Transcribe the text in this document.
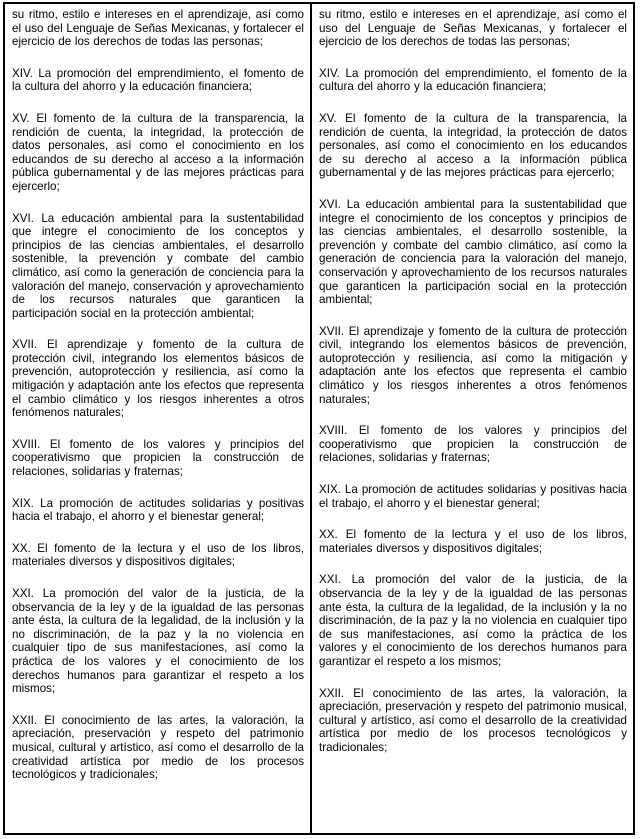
su ritmo, estilo e intereses en el aprendizaje, así como el uso del Lenguaje de Señas Mexicanas, y fortalecer el ejercicio de los derechos de todas las personas;

XIV. La promoción del emprendimiento, el fomento de la cultura del ahorro y la educación financiera;

XV. El fomento de la cultura de la transparencia, la rendición de cuenta, la integridad, la protección de datos personales, así como el conocimiento en los educandos de su derecho al acceso a la información pública gubernamental y de las mejores prácticas para ejercerlo;

XVI. La educación ambiental para la sustentabilidad que integre el conocimiento de los conceptos y principios de las ciencias ambientales, el desarrollo sostenible, la prevención y combate del cambio climático, así como la generación de conciencia para la valoración del manejo, conservación y aprovechamiento de los recursos naturales que garanticen la participación social en la protección ambiental;

XVII. El aprendizaje y fomento de la cultura de protección civil, integrando los elementos básicos de prevención, autoprotección y resiliencia, así como la mitigación y adaptación ante los efectos que representa el cambio climático y los riesgos inherentes a otros fenómenos naturales;

XVIII. El fomento de los valores y principios del cooperativismo que propicien la construcción de relaciones, solidarias y fraternas;

XIX. La promoción de actitudes solidarias y positivas hacia el trabajo, el ahorro y el bienestar general;

XX. El fomento de la lectura y el uso de los libros, materiales diversos y dispositivos digitales;

XXI. La promoción del valor de la justicia, de la observancia de la ley y de la igualdad de las personas ante ésta, la cultura de la legalidad, de la inclusión y la no discriminación, de la paz y la no violencia en cualquier tipo de sus manifestaciones, así como la práctica de los valores y el conocimiento de los derechos humanos para garantizar el respeto a los mismos;

XXII. El conocimiento de las artes, la valoración, la apreciación, preservación y respeto del patrimonio musical, cultural y artístico, así como el desarrollo de la creatividad artística por medio de los procesos tecnológicos y tradicionales;

su ritmo, estilo e intereses en el aprendizaje, así como el uso del Lenguaje de Señas Mexicanas, y fortalecer el ejercicio de los derechos de todas las personas;

XIV. La promoción del emprendimiento, el fomento de la cultura del ahorro y la educación financiera;

XV. El fomento de la cultura de la transparencia, la rendición de cuenta, la integridad, la protección de datos personales, así como el conocimiento en los educandos de su derecho al acceso a la información pública gubernamental y de las mejores prácticas para ejercerlo;

XVI. La educación ambiental para la sustentabilidad que integre el conocimiento de los conceptos y principios de las ciencias ambientales, el desarrollo sostenible, la prevención y combate del cambio climático, así como la generación de conciencia para la valoración del manejo, conservación y aprovechamiento de los recursos naturales que garanticen la participación social en la protección ambiental;

XVII. El aprendizaje y fomento de la cultura de protección civil, integrando los elementos básicos de prevención, autoprotección y resiliencia, así como la mitigación y adaptación ante los efectos que representa el cambio climático y los riesgos inherentes a otros fenómenos naturales;

XVIII. El fomento de los valores y principios del cooperativismo que propicien la construcción de relaciones, solidarias y fraternas;

XIX. La promoción de actitudes solidarias y positivas hacia el trabajo, el ahorro y el bienestar general;

XX. El fomento de la lectura y el uso de los libros, materiales diversos y dispositivos digitales;

XXI. La promoción del valor de la justicia, de la observancia de la ley y de la igualdad de las personas ante ésta, la cultura de la legalidad, de la inclusión y la no discriminación, de la paz y la no violencia en cualquier tipo de sus manifestaciones, así como la práctica de los valores y el conocimiento de los derechos humanos para garantizar el respeto a los mismos;

XXII. El conocimiento de las artes, la valoración, la apreciación, preservación y respeto del patrimonio musical, cultural y artístico, así como el desarrollo de la creatividad artística por medio de los procesos tecnológicos y tradicionales;
